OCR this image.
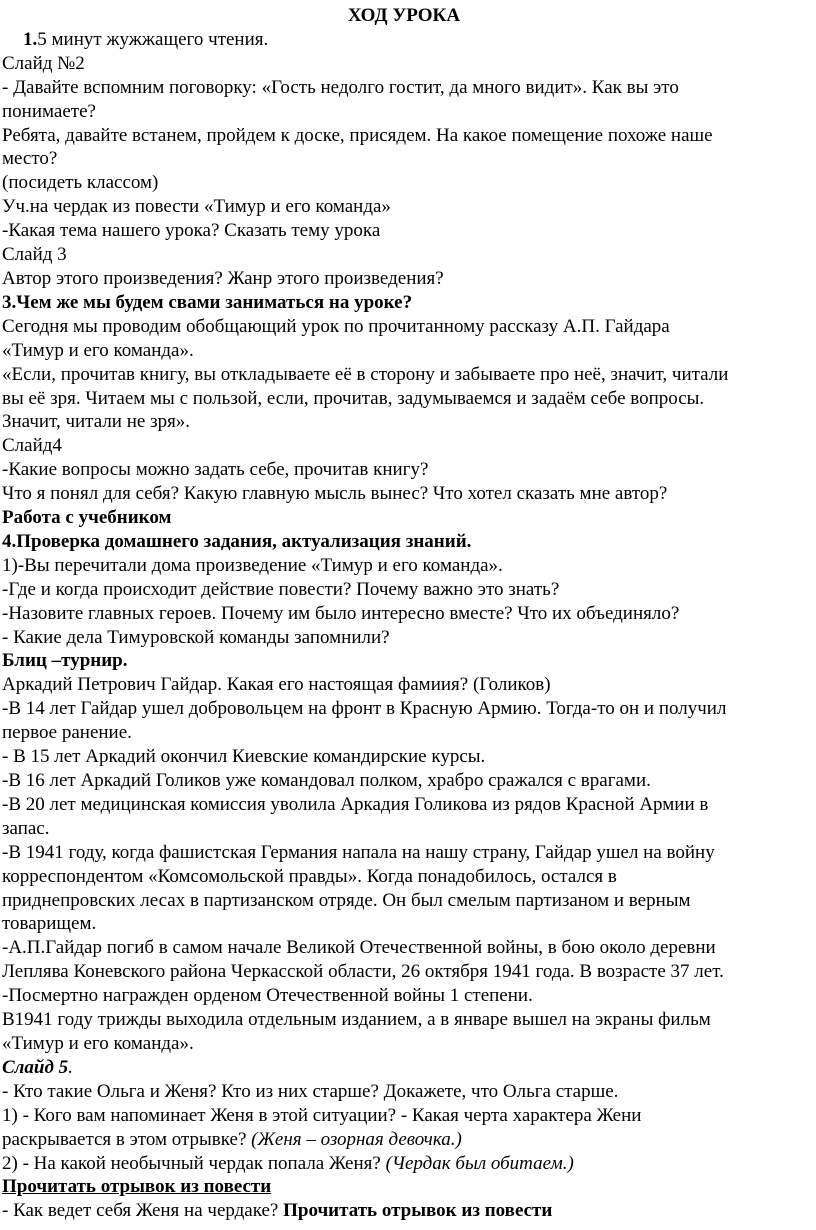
ХОД УРОКА
1.5 минут жужжащего чтения.
Слайд №2
- Давайте вспомним поговорку: «Гость недолго гостит, да много видит». Как вы это
понимаете?
Ребята, давайте встанем, пройдем к доске, присядем. На какое помещение похоже наше
место?
(посидеть классом)
Уч.на чердак из повести «Тимур и его команда»
-Какая тема нашего урока? Сказать тему урока
Слайд 3
Автор этого произведения? Жанр этого произведения?
3.Чем же мы будем свами заниматься на уроке?
Сегодня мы проводим обобщающий урок по прочитанному рассказу А.П. Гайдара
«Тимур и его команда».
«Если, прочитав книгу, вы откладываете её в сторону и забываете про неё, значит, читали
вы её зря. Читаем мы с пользой, если, прочитав, задумываемся и задаём себе вопросы.
Значит, читали не зря».
Слайд4
-Какие вопросы можно задать себе, прочитав книгу?
Что я понял для себя? Какую главную мысль вынес? Что хотел сказать мне автор?
Работа с учебником
4.Проверка домашнего задания, актуализация знаний.
1)-Вы перечитали дома произведение «Тимур и его команда».
-Где и когда происходит действие повести? Почему важно это знать?
-Назовите главных героев. Почему им было интересно вместе? Что их объединяло?
- Какие дела Тимуровской команды запомнили?
Блиц –турнир.
Аркадий Петрович Гайдар. Какая его настоящая фамиия? (Голиков)
-В 14 лет Гайдар ушел добровольцем на фронт в Красную Армию. Тогда-то он и получил
первое ранение.
- В 15 лет Аркадий окончил Киевские командирские курсы.
-В 16 лет Аркадий Голиков уже командовал полком, храбро сражался с врагами.
-В 20 лет медицинская комиссия уволила Аркадия Голикова из рядов Красной Армии в
запас.
-В 1941 году, когда фашистская Германия напала на нашу страну, Гайдар ушел на войну
корреспондентом «Комсомольской правды». Когда понадобилось, остался в
приднепровских лесах в партизанском отряде. Он был смелым партизаном и верным
товарищем.
-А.П.Гайдар погиб в самом начале Великой Отечественной войны, в бою около деревни
Леплява Коневского района Черкасской области, 26 октября 1941 года. В возрасте 37 лет.
-Посмертно награжден орденом Отечественной войны 1 степени.
В1941 году трижды выходила отдельным изданием, а в январе вышел на экраны фильм
«Тимур и его команда».
Слайд 5.
- Кто такие Ольга и Женя? Кто из них старше? Докажете, что Ольга старше.
1) - Кого вам напоминает Женя в этой ситуации? - Какая черта характера Жени
раскрывается в этом отрывке? (Женя – озорная девочка.)
2) - На какой необычный чердак попала Женя? (Чердак был обитаем.)
Прочитать отрывок из повести
- Как ведет себя Женя на чердаке? Прочитать отрывок из повести
